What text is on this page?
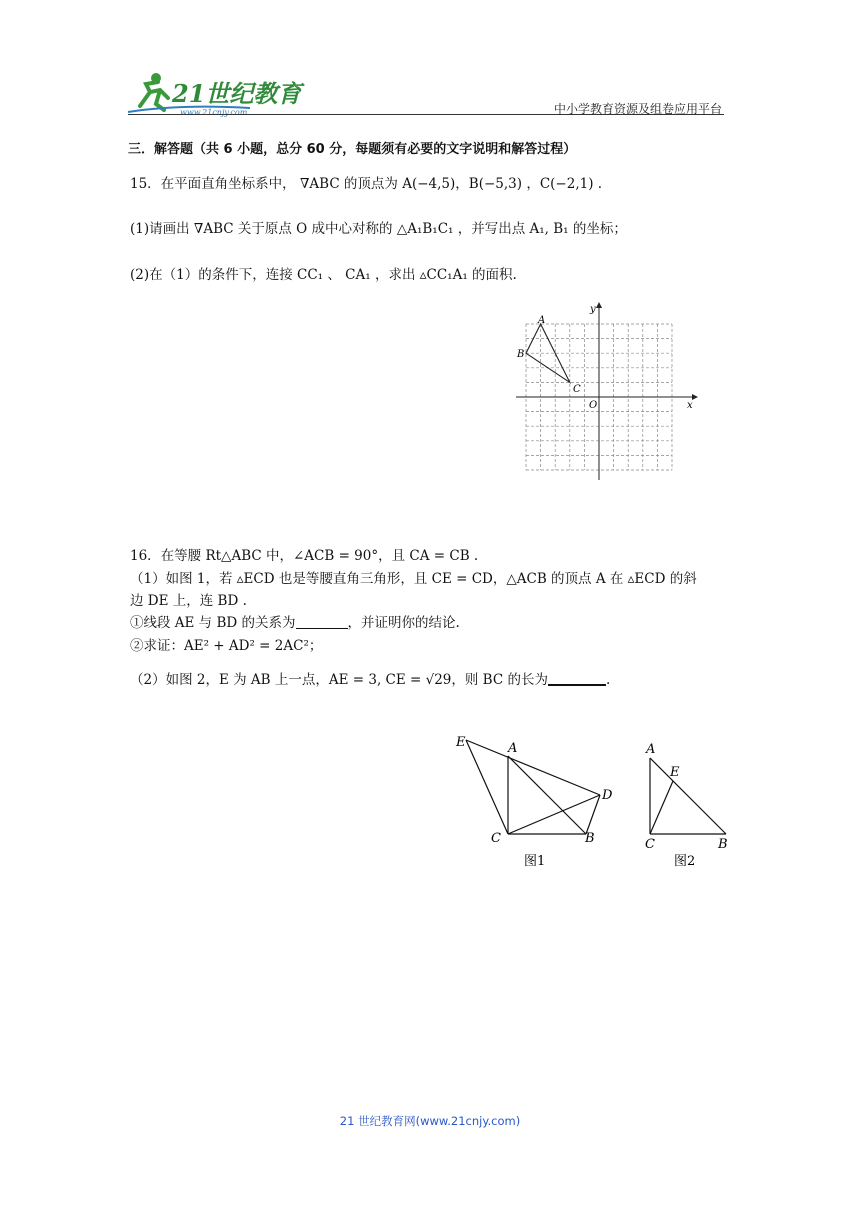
21世纪教育
www.21cnjy.com	中小学教育资源及组卷应用平台
三．解答题（共 6 小题，总分 60 分，每题须有必要的文字说明和解答过程）
15．在平面直角坐标系中， ∇ABC 的顶点为 A(−4,5)，B(−5,3) ，C(−2,1) .
(1)请画出 ∇ABC 关于原点 O 成中心对称的 △A₁B₁C₁ ，并写出点 A₁, B₁ 的坐标；
(2)在（1）的条件下，连接 CC₁ 、 CA₁ ，求出 ▵CC₁A₁ 的面积.
x
y
O
A
B
C
16．在等腰 Rt△ABC 中，∠ACB = 90°，且 CA = CB .
（1）如图 1，若 ▵ECD 也是等腰直角三角形，且 CE = CD，△ACB 的顶点 A 在 ▵ECD 的斜
边 DE 上，连 BD .
①线段 AE 与 BD 的关系为	，并证明你的结论.
②求证：AE² + AD² = 2AC²；
（2）如图 2，E 为 AB 上一点，AE = 3, CE = √29，则 BC 的长为	.
E	A
D
C	B
图1
A
E
C	B
图2
21 世纪教育网(www.21cnjy.com)
